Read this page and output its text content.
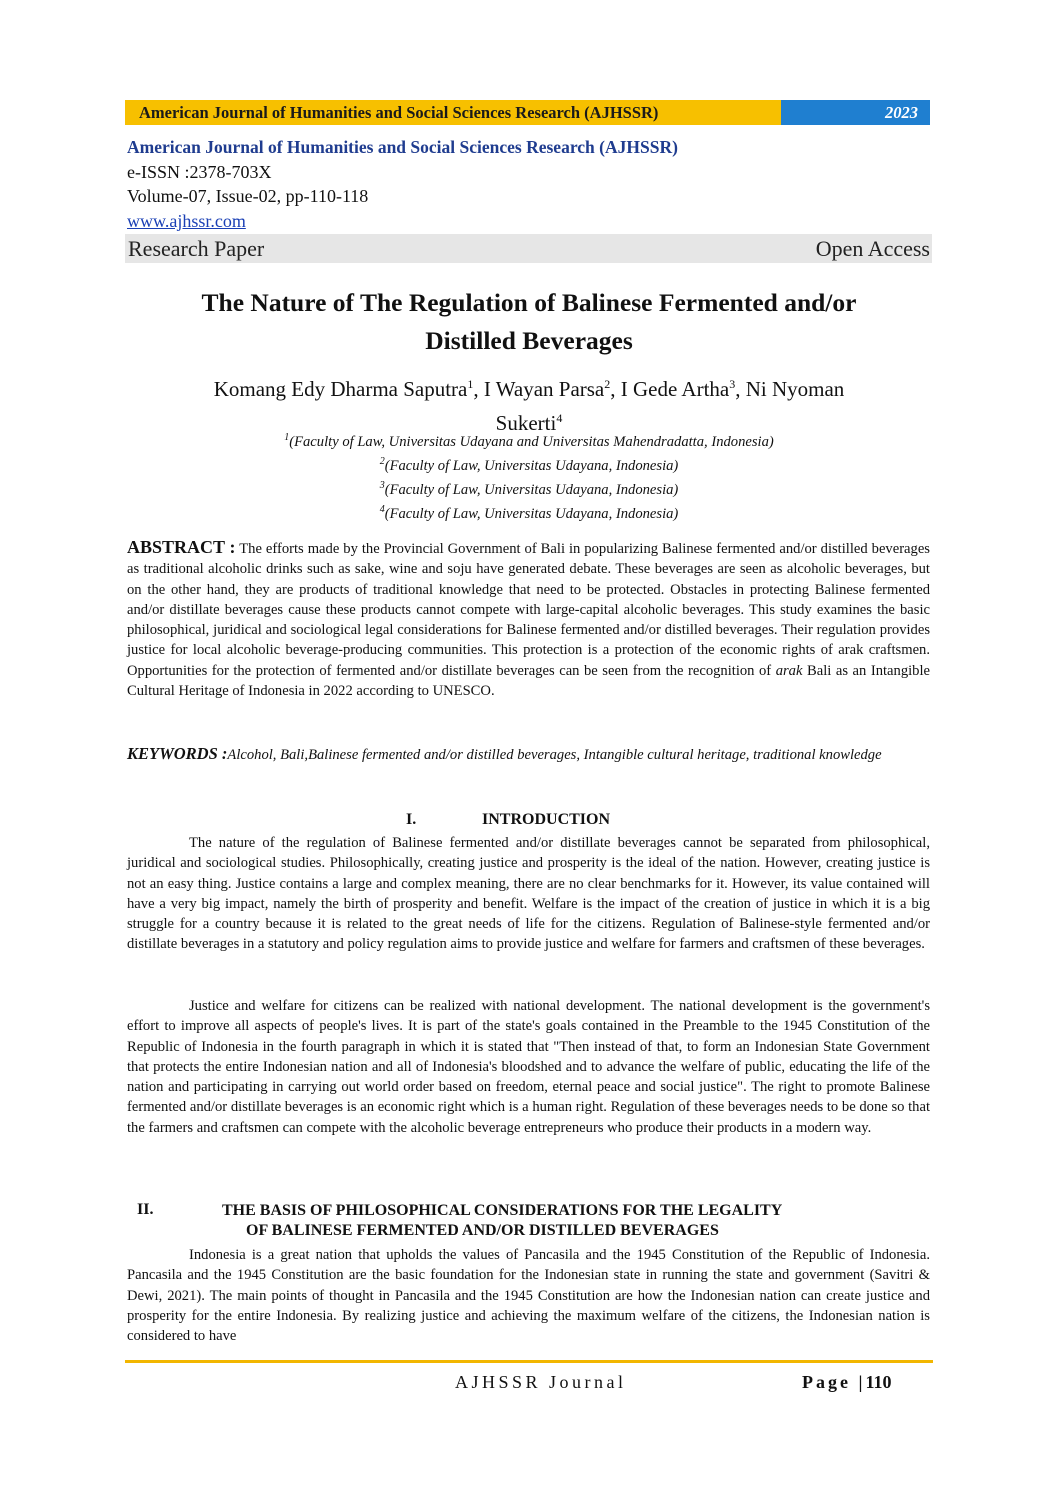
American Journal of Humanities and Social Sciences Research (AJHSSR)	2023
American Journal of Humanities and Social Sciences Research (AJHSSR)
e-ISSN :2378-703X
Volume-07, Issue-02, pp-110-118
www.ajhssr.com
Research Paper	Open Access
The Nature of The Regulation of Balinese Fermented and/or
Distilled Beverages
Komang Edy Dharma Saputra$^1$, I Wayan Parsa$^2$, I Gede Artha$^3$, Ni Nyoman
Sukerti$^4$
$^1$(Faculty of Law, Universitas Udayana and Universitas Mahendradatta, Indonesia)
$^2$(Faculty of Law, Universitas Udayana, Indonesia)
$^3$(Faculty of Law, Universitas Udayana, Indonesia)
$^4$(Faculty of Law, Universitas Udayana, Indonesia)

ABSTRACT : The efforts made by the Provincial Government of Bali in popularizing Balinese fermented and/or distilled beverages as traditional alcoholic drinks such as sake, wine and soju have generated debate. These beverages are seen as alcoholic beverages, but on the other hand, they are products of traditional knowledge that need to be protected. Obstacles in protecting Balinese fermented and/or distillate beverages cause these products cannot compete with large-capital alcoholic beverages. This study examines the basic philosophical, juridical and sociological legal considerations for Balinese fermented and/or distilled beverages. Their regulation provides justice for local alcoholic beverage-producing communities. This protection is a protection of the economic rights of arak craftsmen. Opportunities for the protection of fermented and/or distillate beverages can be seen from the recognition of arak Bali as an Intangible Cultural Heritage of Indonesia in 2022 according to UNESCO.

KEYWORDS :Alcohol, Bali,Balinese fermented and/or distilled beverages, Intangible cultural heritage, traditional knowledge

I.	INTRODUCTION

The nature of the regulation of Balinese fermented and/or distillate beverages cannot be separated from philosophical, juridical and sociological studies. Philosophically, creating justice and prosperity is the ideal of the nation. However, creating justice is not an easy thing. Justice contains a large and complex meaning, there are no clear benchmarks for it. However, its value contained will have a very big impact, namely the birth of prosperity and benefit. Welfare is the impact of the creation of justice in which it is a big struggle for a country because it is related to the great needs of life for the citizens. Regulation of Balinese-style fermented and/or distillate beverages in a statutory and policy regulation aims to provide justice and welfare for farmers and craftsmen of these beverages.

Justice and welfare for citizens can be realized with national development. The national development is the government's effort to improve all aspects of people's lives. It is part of the state's goals contained in the Preamble to the 1945 Constitution of the Republic of Indonesia in the fourth paragraph in which it is stated that "Then instead of that, to form an Indonesian State Government that protects the entire Indonesian nation and all of Indonesia's bloodshed and to advance the welfare of public, educating the life of the nation and participating in carrying out world order based on freedom, eternal peace and social justice". The right to promote Balinese fermented and/or distillate beverages is an economic right which is a human right. Regulation of these beverages needs to be done so that the farmers and craftsmen can compete with the alcoholic beverage entrepreneurs who produce their products in a modern way.

II.	THE BASIS OF PHILOSOPHICAL CONSIDERATIONS FOR THE LEGALITY
OF BALINESE FERMENTED AND/OR DISTILLED BEVERAGES

Indonesia is a great nation that upholds the values of Pancasila and the 1945 Constitution of the Republic of Indonesia. Pancasila and the 1945 Constitution are the basic foundation for the Indonesian state in running the state and government (Savitri & Dewi, 2021). The main points of thought in Pancasila and the 1945 Constitution are how the Indonesian nation can create justice and prosperity for the entire Indonesia. By realizing justice and achieving the maximum welfare of the citizens, the Indonesian nation is considered to have

AJHSSR Journal	Page |110
